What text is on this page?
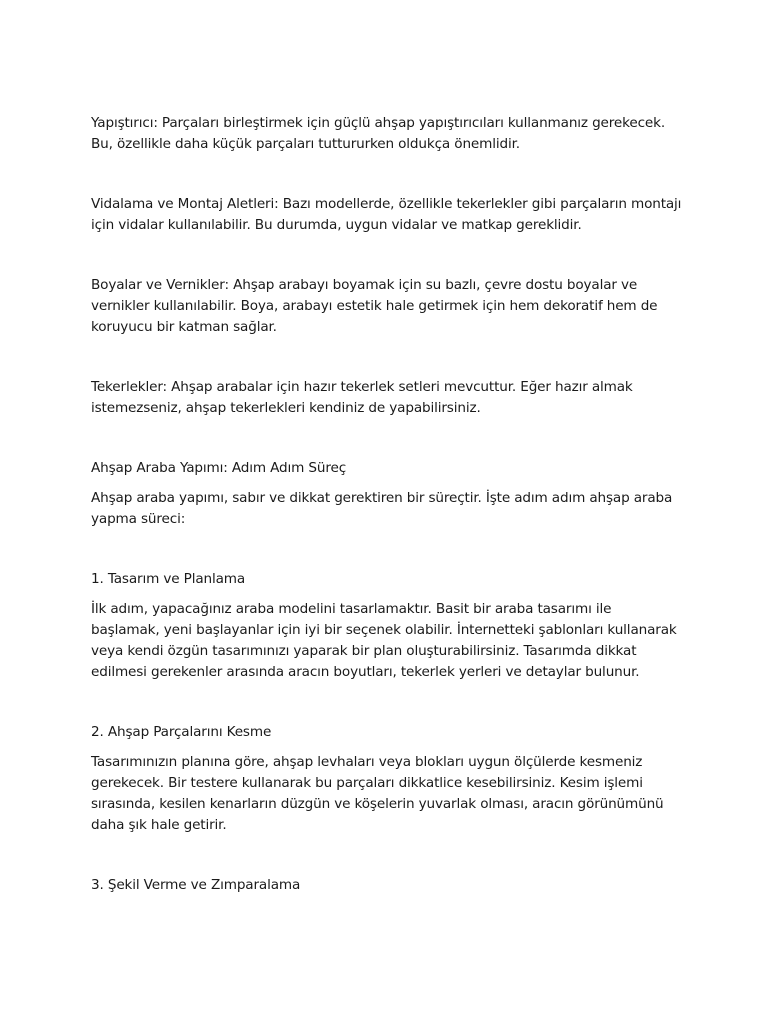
Yapıştırıcı: Parçaları birleştirmek için güçlü ahşap yapıştırıcıları kullanmanız gerekecek.
Bu, özellikle daha küçük parçaları tuttururken oldukça önemlidir.

Vidalama ve Montaj Aletleri: Bazı modellerde, özellikle tekerlekler gibi parçaların montajı
için vidalar kullanılabilir. Bu durumda, uygun vidalar ve matkap gereklidir.

Boyalar ve Vernikler: Ahşap arabayı boyamak için su bazlı, çevre dostu boyalar ve
vernikler kullanılabilir. Boya, arabayı estetik hale getirmek için hem dekoratif hem de
koruyucu bir katman sağlar.

Tekerlekler: Ahşap arabalar için hazır tekerlek setleri mevcuttur. Eğer hazır almak
istemezseniz, ahşap tekerlekleri kendiniz de yapabilirsiniz.

Ahşap Araba Yapımı: Adım Adım Süreç

Ahşap araba yapımı, sabır ve dikkat gerektiren bir süreçtir. İşte adım adım ahşap araba
yapma süreci:

1. Tasarım ve Planlama

İlk adım, yapacağınız araba modelini tasarlamaktır. Basit bir araba tasarımı ile
başlamak, yeni başlayanlar için iyi bir seçenek olabilir. İnternetteki şablonları kullanarak
veya kendi özgün tasarımınızı yaparak bir plan oluşturabilirsiniz. Tasarımda dikkat
edilmesi gerekenler arasında aracın boyutları, tekerlek yerleri ve detaylar bulunur.

2. Ahşap Parçalarını Kesme

Tasarımınızın planına göre, ahşap levhaları veya blokları uygun ölçülerde kesmeniz
gerekecek. Bir testere kullanarak bu parçaları dikkatlice kesebilirsiniz. Kesim işlemi
sırasında, kesilen kenarların düzgün ve köşelerin yuvarlak olması, aracın görünümünü
daha şık hale getirir.

3. Şekil Verme ve Zımparalama
